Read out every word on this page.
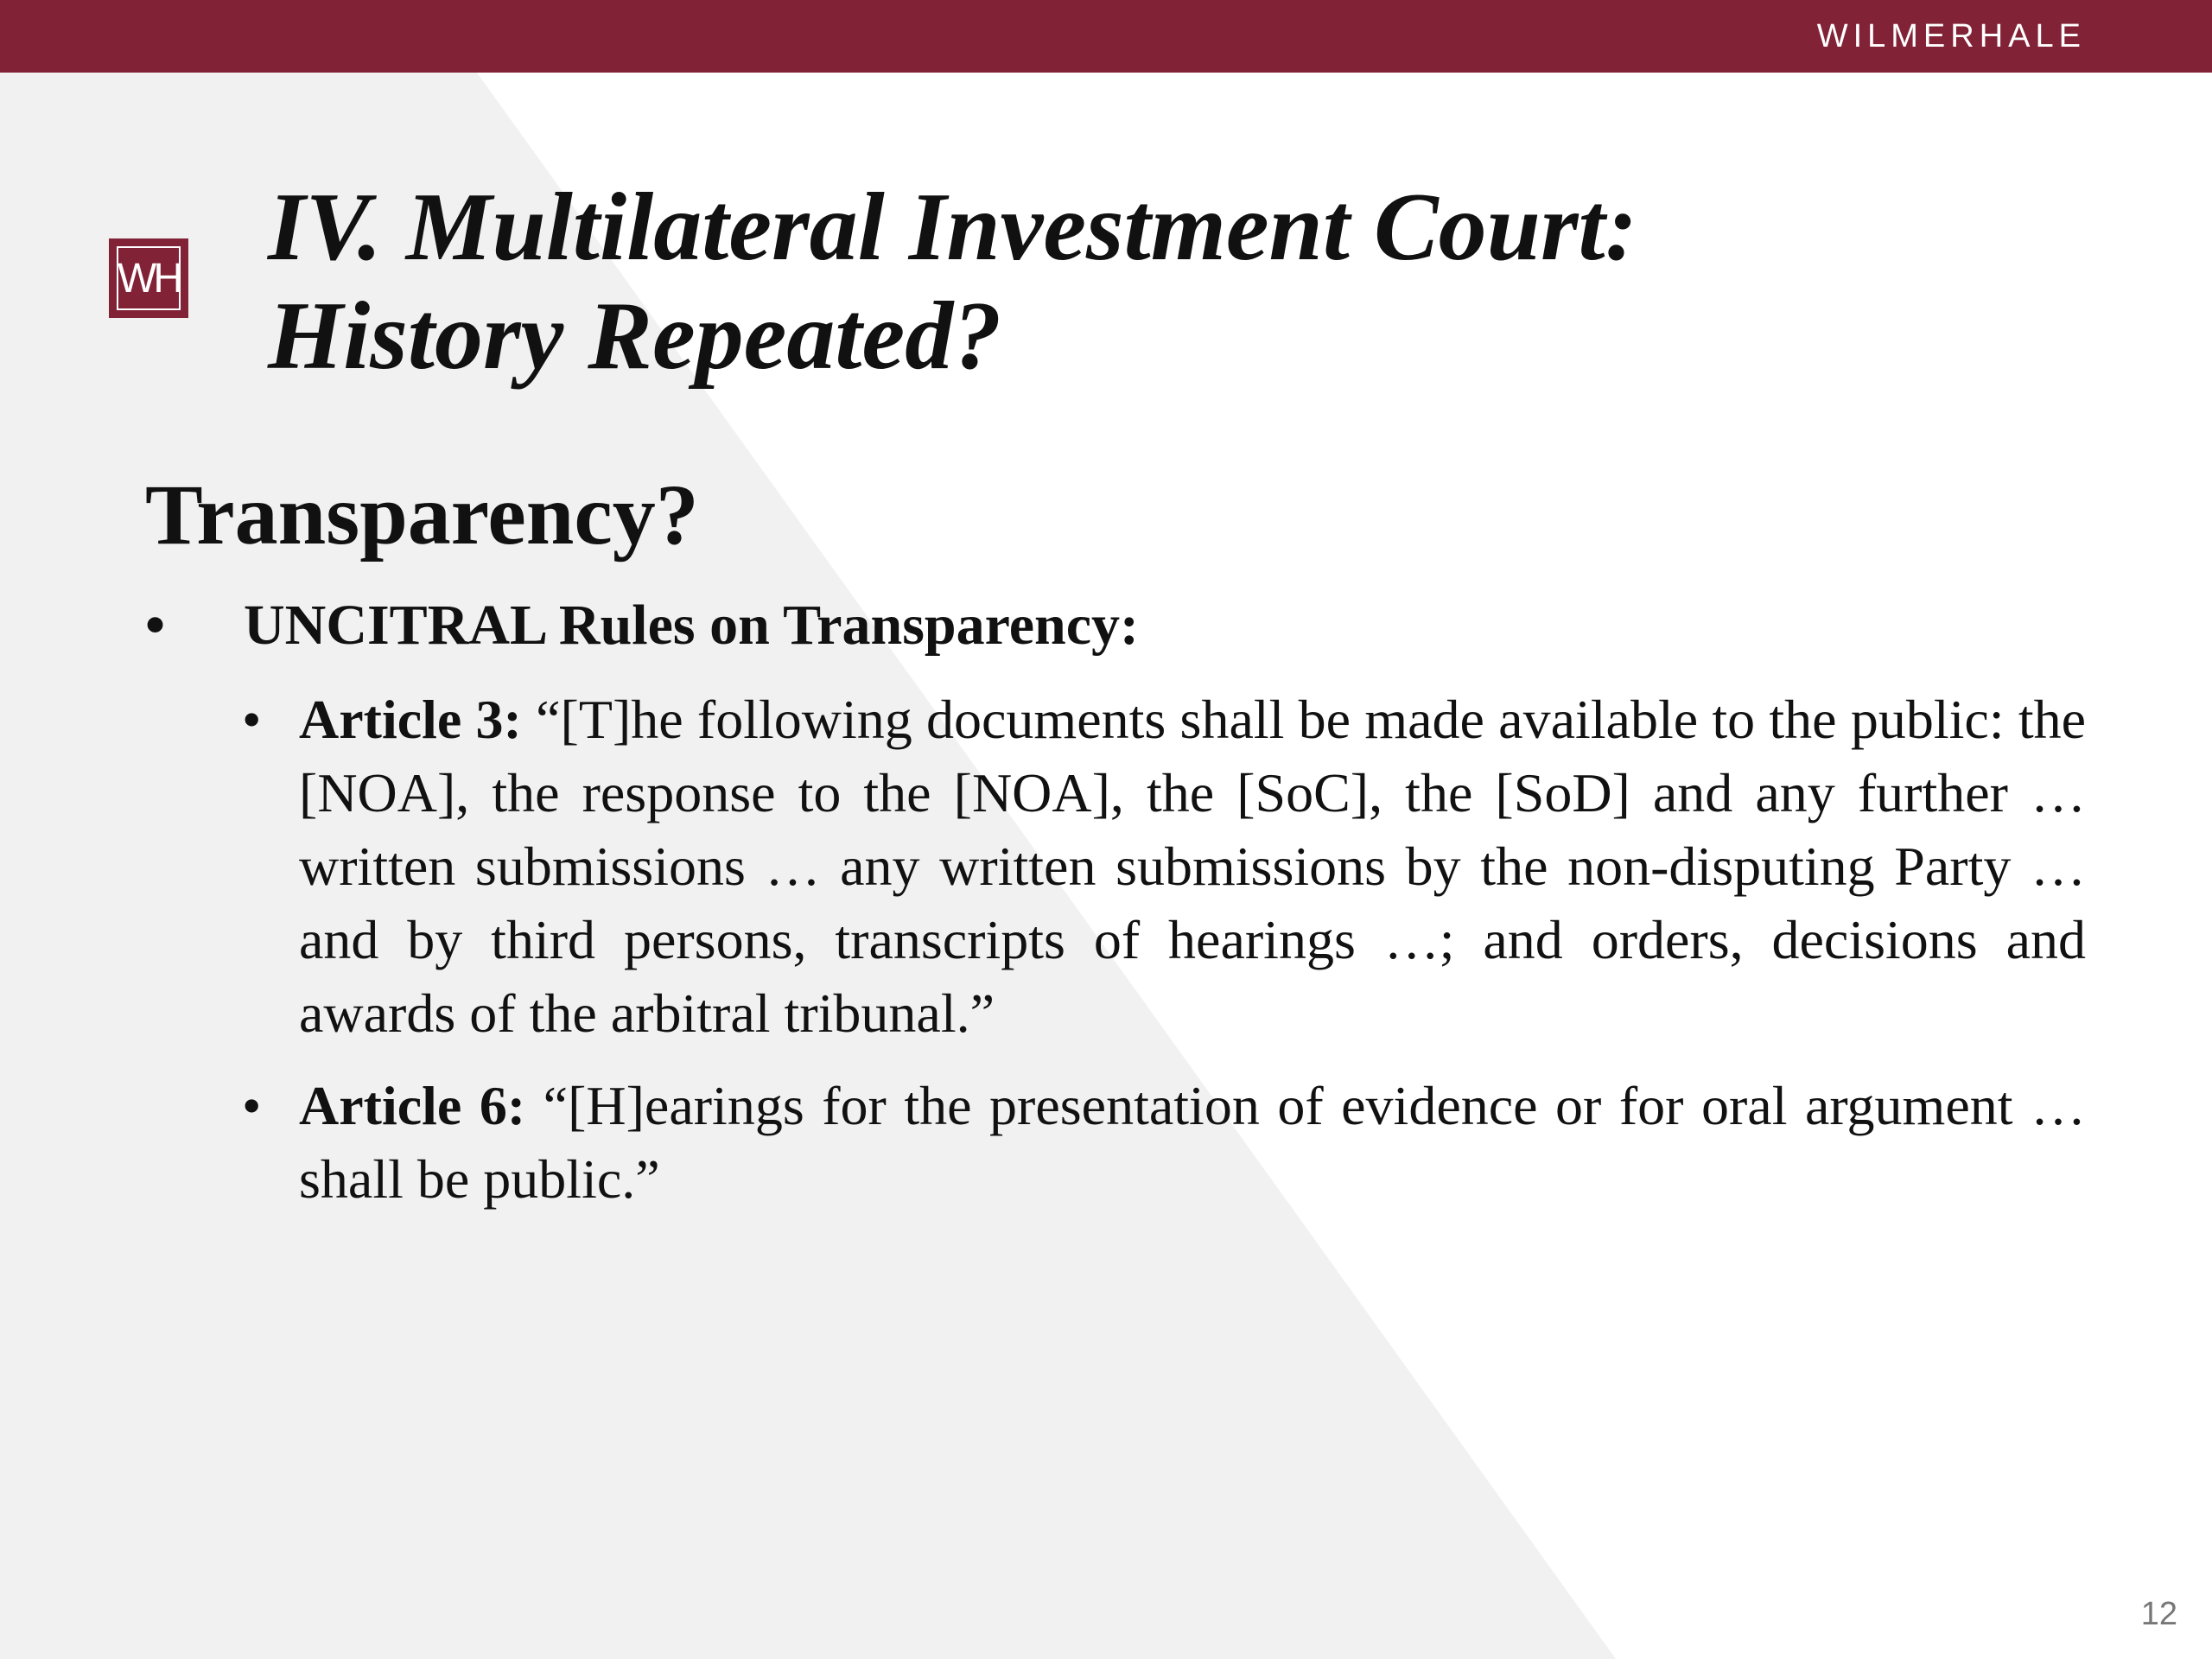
WILMERHALE
WH IV. Multilateral Investment Court:
History Repeated?
Transparency?
• UNCITRAL Rules on Transparency:
• Article 3: “[T]he following documents shall be made available to the public: the [NOA], the response to the [NOA], the [SoC], the [SoD] and any further … written submissions … any written submissions by the non-disputing Party … and by third persons, transcripts of hearings …; and orders, decisions and awards of the arbitral tribunal.”
• Article 6: “[H]earings for the presentation of evidence or for oral argument … shall be public.”
12
